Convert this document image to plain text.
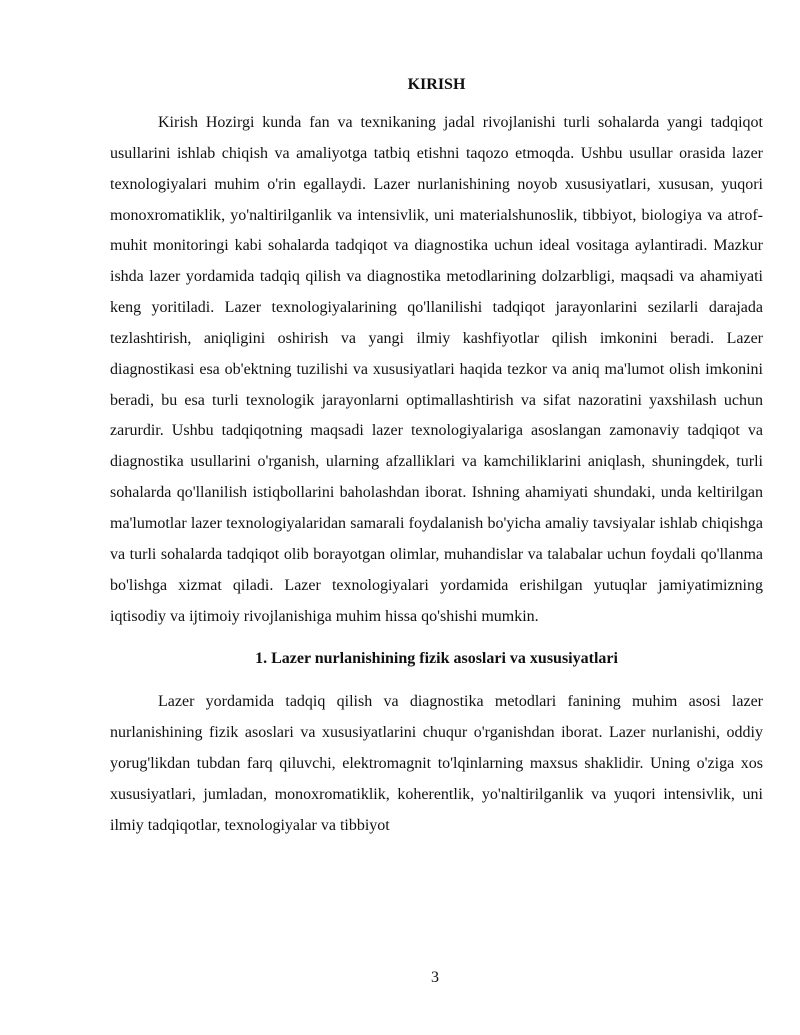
KIRISH

Kirish Hozirgi kunda fan va texnikaning jadal rivojlanishi turli sohalarda yangi tadqiqot usullarini ishlab chiqish va amaliyotga tatbiq etishni taqozo etmoqda. Ushbu usullar orasida lazer texnologiyalari muhim o'rin egallaydi. Lazer nurlanishining noyob xususiyatlari, xususan, yuqori monoxromatiklik, yo'naltirilganlik va intensivlik, uni materialshunoslik, tibbiyot, biologiya va atrof-muhit monitoringi kabi sohalarda tadqiqot va diagnostika uchun ideal vositaga aylantiradi. Mazkur ishda lazer yordamida tadqiq qilish va diagnostika metodlarining dolzarbligi, maqsadi va ahamiyati keng yoritiladi. Lazer texnologiyalarining qo'llanilishi tadqiqot jarayonlarini sezilarli darajada tezlashtirish, aniqligini oshirish va yangi ilmiy kashfiyotlar qilish imkonini beradi. Lazer diagnostikasi esa ob'ektning tuzilishi va xususiyatlari haqida tezkor va aniq ma'lumot olish imkonini beradi, bu esa turli texnologik jarayonlarni optimallashtirish va sifat nazoratini yaxshilash uchun zarurdir. Ushbu tadqiqotning maqsadi lazer texnologiyalariga asoslangan zamonaviy tadqiqot va diagnostika usullarini o'rganish, ularning afzalliklari va kamchiliklarini aniqlash, shuningdek, turli sohalarda qo'llanilish istiqbollarini baholashdan iborat. Ishning ahamiyati shundaki, unda keltirilgan ma'lumotlar lazer texnologiyalaridan samarali foydalanish bo'yicha amaliy tavsiyalar ishlab chiqishga va turli sohalarda tadqiqot olib borayotgan olimlar, muhandislar va talabalar uchun foydali qo'llanma bo'lishga xizmat qiladi. Lazer texnologiyalari yordamida erishilgan yutuqlar jamiyatimizning iqtisodiy va ijtimoiy rivojlanishiga muhim hissa qo'shishi mumkin.

1. Lazer nurlanishining fizik asoslari va xususiyatlari

Lazer yordamida tadqiq qilish va diagnostika metodlari fanining muhim asosi lazer nurlanishining fizik asoslari va xususiyatlarini chuqur o'rganishdan iborat. Lazer nurlanishi, oddiy yorug'likdan tubdan farq qiluvchi, elektromagnit to'lqinlarning maxsus shaklidir. Uning o'ziga xos xususiyatlari, jumladan, monoxromatiklik, koherentlik, yo'naltirilganlik va yuqori intensivlik, uni ilmiy tadqiqotlar, texnologiyalar va tibbiyot

3
